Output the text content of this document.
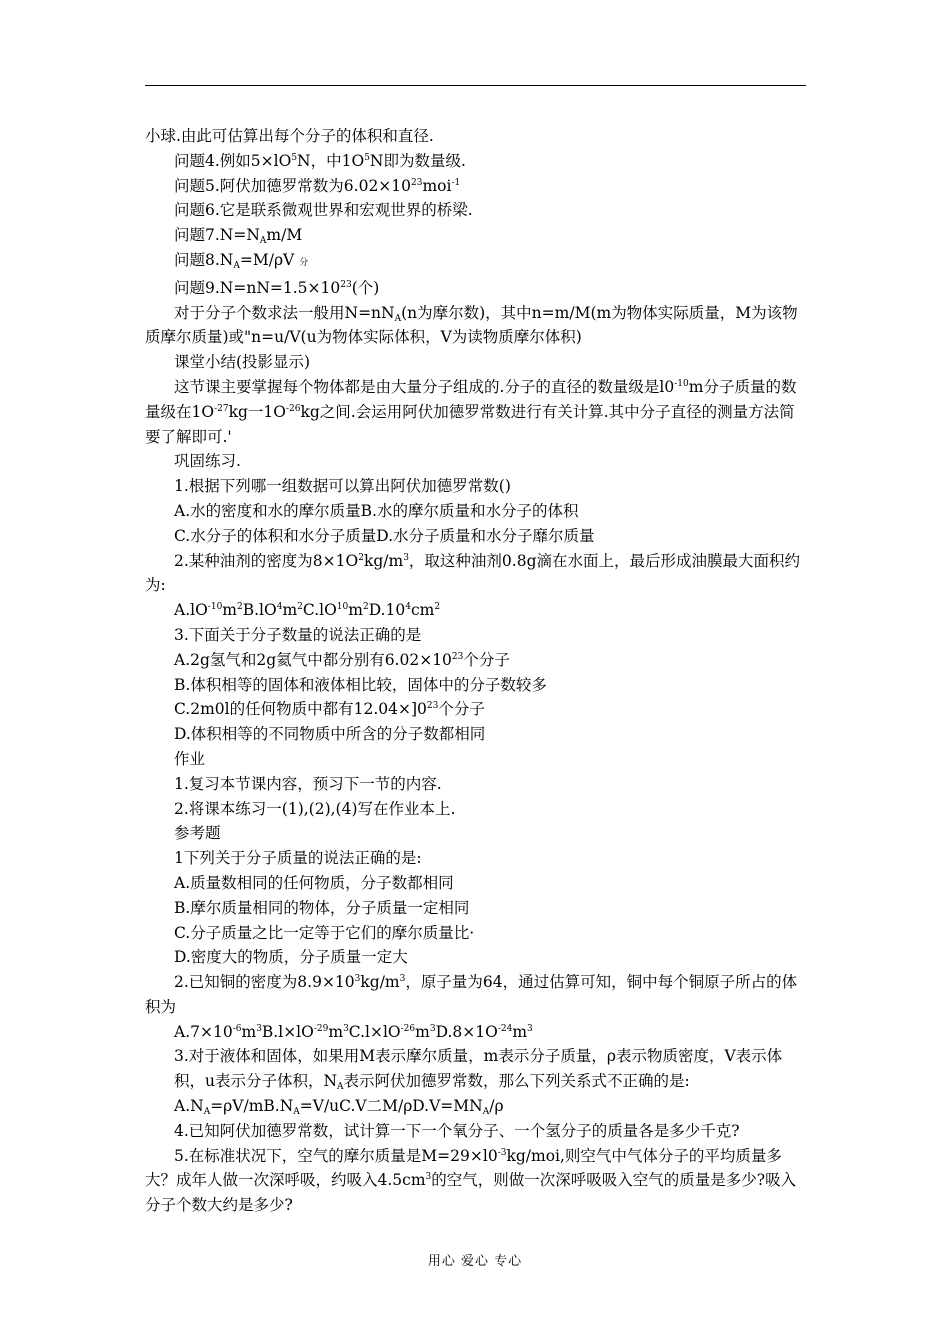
小球.由此可估算出每个分子的体积和直径.

问题4.例如$5\times lO^5N$，中$1O^5N$即为数量级.

问题5.阿伏加德罗常数为$6.02\times 10^{23}moi^{-1}$

问题6.它是联系微观世界和宏观世界的桥梁.

问题$7.N=N_Am/M$

问题$8.N_A=M/\rho V$ 分

问题$9.N=nN=1.5\times 10^{23}$(个)

对于分子个数求法一般用$N=nN_A(n$为摩尔数)，其中n=m/M(m为物体实际质量，M为该物质摩尔质量)或"n=u/V(u为物体实际体积，V为读物质摩尔体积)

课堂小结(投影显示)

这节课主要掌握每个物体都是由大量分子组成的.分子的直径的数量级是$l0^{-10}m$分子质量的数量级在$1O^{-27}kg$一$1O^{-26}kg$之间.会运用阿伏加德罗常数进行有关计算.其中分子直径的测量方法简要了解即可.'

巩固练习.

1.根据下列哪一组数据可以算出阿伏加德罗常数()

A.水的密度和水的摩尔质量B.水的摩尔质量和水分子的体积

C.水分子的体积和水分子质量D.水分子质量和水分子靡尔质量

2.某种油剂的密度为$8\times 1O^2kg/m^3$，取这种油剂0.8g滴在水面上，最后形成油膜最大面积约为:

$A.lO^{-10}m^2B.lO^4m^2C.lO^{10}m^2D.10^4cm^2$

3.下面关于分子数量的说法正确的是

A.2g氢气和2g氦气中都分别有$6.02\times 10^{23}$个分子

B.体积相等的固体和液体相比较，固体中的分子数较多

C.2m0l的任何物质中都有$12.04\times]0^{23}$个分子

D.体积相等的不同物质中所含的分子数都相同

作业

1.复习本节课内容，预习下一节的内容.

2.将课本练习一(1),(2),(4)写在作业本上.

参考题

1下列关于分子质量的说法正确的是:

A.质量数相同的任何物质，分子数都相同

B.摩尔质量相同的物体，分子质量一定相同

C.分子质量之比一定等于它们的摩尔质量比·

D.密度大的物质，分子质量一定大

2.已知铜的密度为$8.9\times 10^3kg/m^3$，原子量为64，通过估算可知，铜中每个铜原子所占的体积为

$A.7\times 10^{-6}m^3B.l\times lO^{-29}m^3C.l\times lO^{-26}m^3D.8\times 1O^{-24}m^3$

3.对于液体和固体，如果用M表示摩尔质量，m表示分子质量，ρ表示物质密度，V表示体积，u表示分子体积，$N_A$表示阿伏加德罗常数，那么下列关系式不正确的是:

$A.N_A=\rho V/mB.N_A=V/uC.V$二$M/\rho D.V=MN_A/\rho$

4.已知阿伏加德罗常数，试计算一下一个氧分子、一个氢分子的质量各是多少千克?

5.在标准状况下，空气的摩尔质量是$M=29\times l0^{-3}kg$/moi,则空气中气体分子的平均质量多大？成年人做一次深呼吸，约吸入$4.5cm^3$的空气，则做一次深呼吸吸入空气的质量是多少?吸入分子个数大约是多少?

用心 爱心 专心
